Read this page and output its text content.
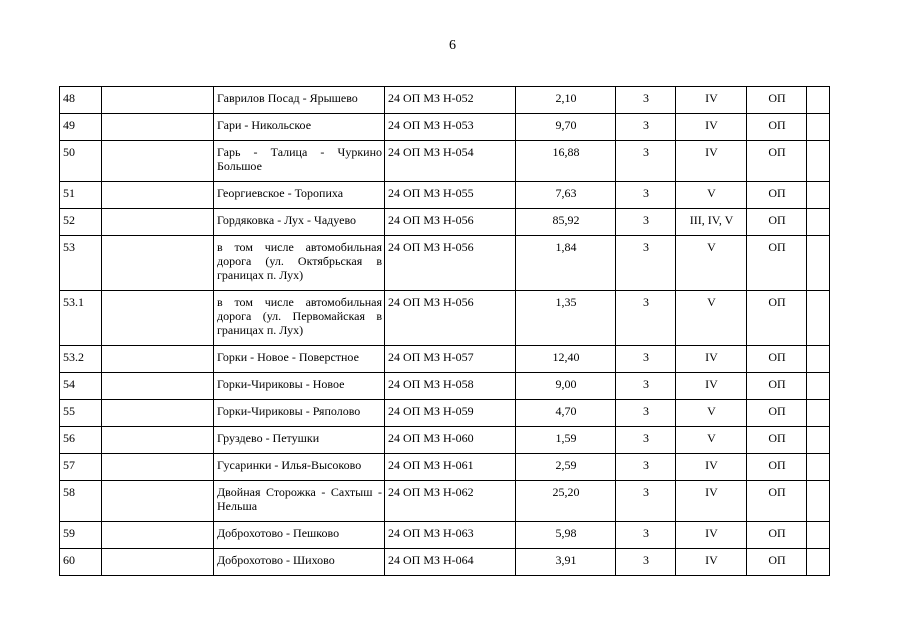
6
48		Гаврилов Посад - Ярышево	24 ОП МЗ Н-052	2,10	3	IV	ОП	
49		Гари - Никольское	24 ОП МЗ Н-053	9,70	3	IV	ОП	
50		Гарь - Талица - Чуркино Большое	24 ОП МЗ Н-054	16,88	3	IV	ОП	
51		Георгиевское - Торопиха	24 ОП МЗ Н-055	7,63	3	V	ОП	
52		Гордяковка - Лух - Чадуево	24 ОП МЗ Н-056	85,92	3	III, IV, V	ОП	
53		в том числе автомобильная дорога (ул. Октябрьская в границах п. Лух)	24 ОП МЗ Н-056	1,84	3	V	ОП	
53.1		в том числе автомобильная дорога (ул. Первомайская в границах п. Лух)	24 ОП МЗ Н-056	1,35	3	V	ОП	
53.2		Горки - Новое - Поверстное	24 ОП МЗ Н-057	12,40	3	IV	ОП	
54		Горки-Чириковы - Новое	24 ОП МЗ Н-058	9,00	3	IV	ОП	
55		Горки-Чириковы - Ряполово	24 ОП МЗ Н-059	4,70	3	V	ОП	
56		Груздево - Петушки	24 ОП МЗ Н-060	1,59	3	V	ОП	
57		Гусаринки - Илья-Высоково	24 ОП МЗ Н-061	2,59	3	IV	ОП	
58		Двойная Сторожка - Сахтыш - Нельша	24 ОП МЗ Н-062	25,20	3	IV	ОП	
59		Доброхотово - Пешково	24 ОП МЗ Н-063	5,98	3	IV	ОП	
60		Доброхотово - Шихово	24 ОП МЗ Н-064	3,91	3	IV	ОП	
